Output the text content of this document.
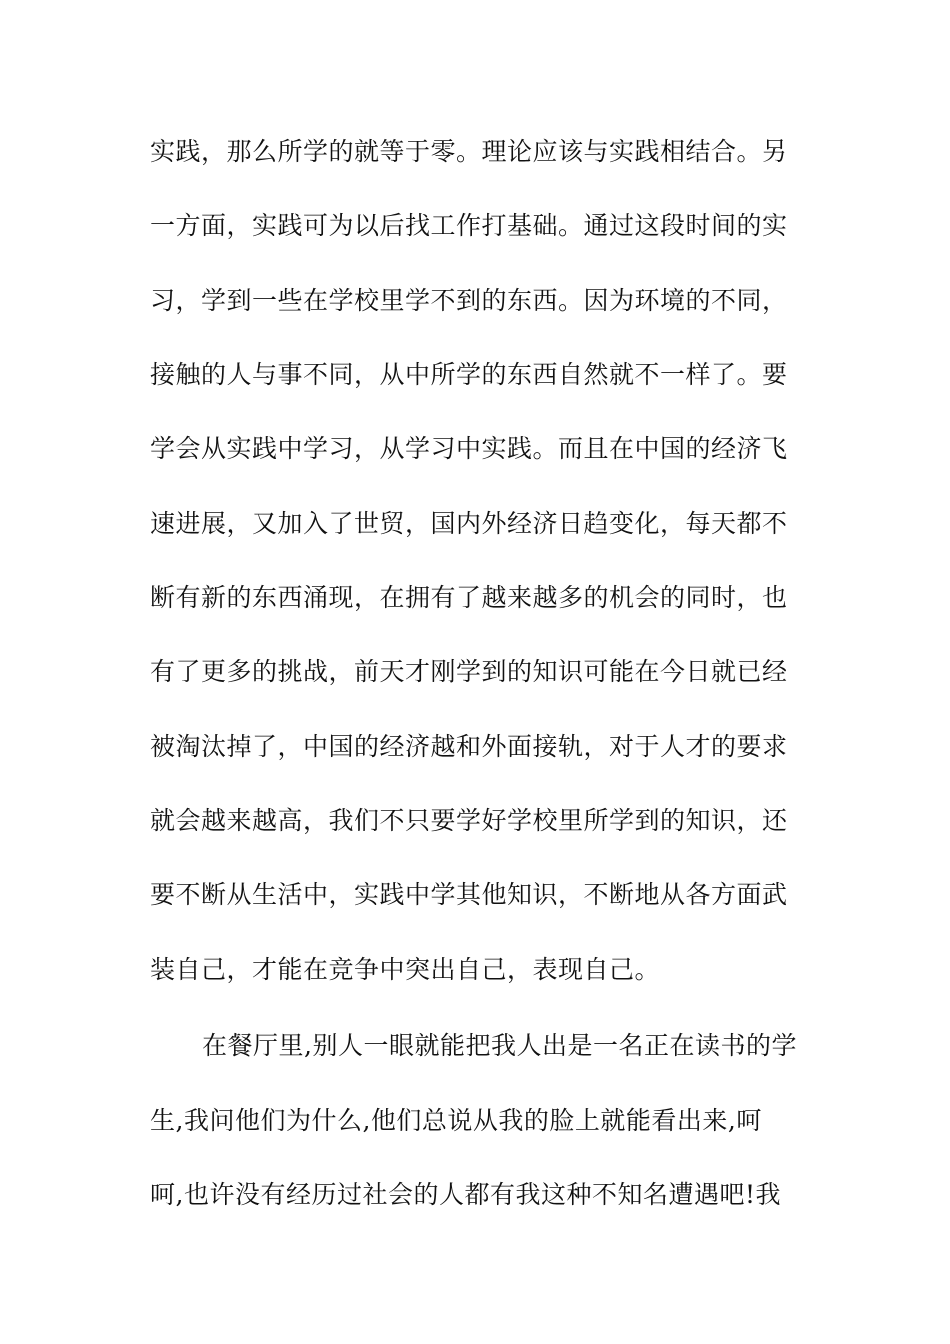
实践，那么所学的就等于零。理论应该与实践相结合。另
一方面，实践可为以后找工作打基础。通过这段时间的实
习，学到一些在学校里学不到的东西。因为环境的不同，
接触的人与事不同，从中所学的东西自然就不一样了。要
学会从实践中学习，从学习中实践。而且在中国的经济飞
速进展，又加入了世贸，国内外经济日趋变化，每天都不
断有新的东西涌现，在拥有了越来越多的机会的同时，也
有了更多的挑战，前天才刚学到的知识可能在今日就已经
被淘汰掉了，中国的经济越和外面接轨，对于人才的要求
就会越来越高，我们不只要学好学校里所学到的知识，还
要不断从生活中，实践中学其他知识，不断地从各方面武
装自己，才能在竞争中突出自己，表现自己。
在餐厅里,别人一眼就能把我人出是一名正在读书的学
生,我问他们为什么,他们总说从我的脸上就能看出来,呵
呵,也许没有经历过社会的人都有我这种不知名遭遇吧!我
